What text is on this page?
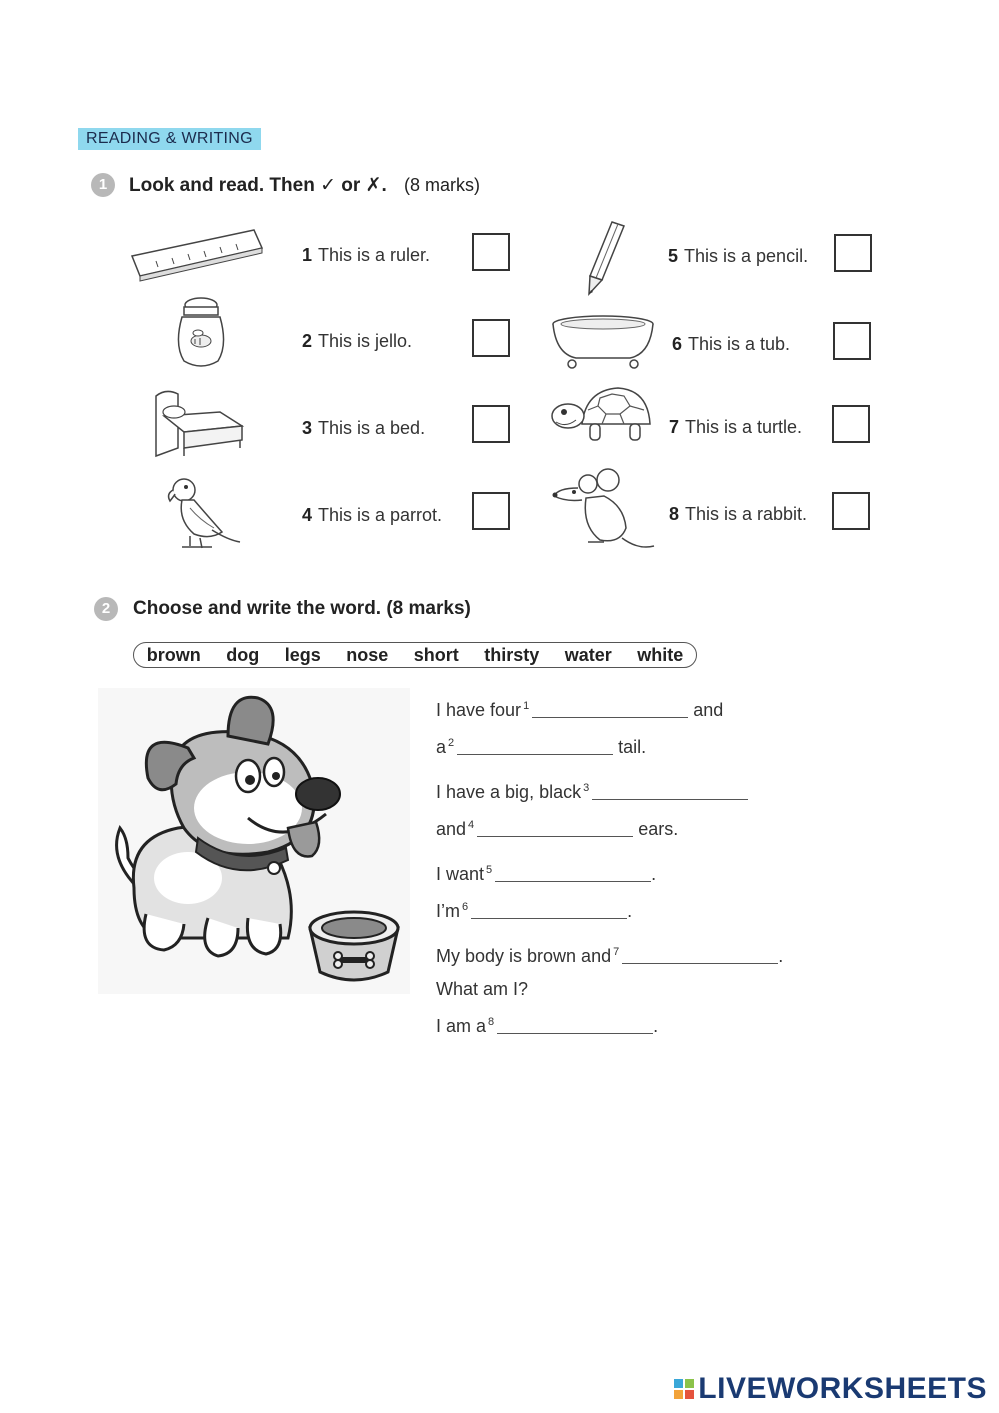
READING & WRITING
1	Look and read. Then ✓ or ✗. (8 marks)
1 This is a ruler.
2 This is jello.
3 This is a bed.
4 This is a parrot.
5 This is a pencil.
6 This is a tub.
7 This is a turtle.
8 This is a rabbit.
2	Choose and write the word. (8 marks)
brown dog legs nose short thirsty water white
I have four $^1$	and
a $^2$	tail.
I have a big, black $^3$
and $^4$	ears.
I want $^5$	.
I’m $^6$	.
My body is brown and $^7$	.
What am I?
I am a $^8$	.
LIVEWORKSHEETS
